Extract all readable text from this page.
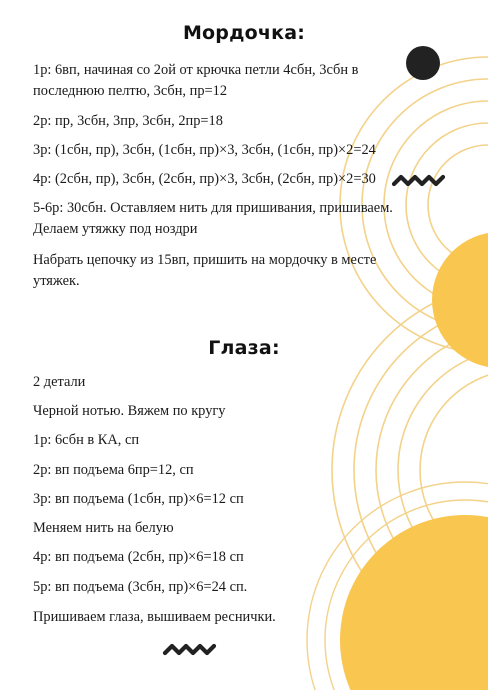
Мордочка:
1р: 6вп, начиная со 2ой от крючка петли 4сбн, 3сбн в
последнюю пелтю, 3сбн, пр=12
2р: пр, 3сбн, 3пр, 3сбн, 2пр=18
3р: (1сбн, пр), 3сбн, (1сбн, пр)×3, 3сбн, (1сбн, пр)×2=24
4р: (2сбн, пр), 3сбн, (2сбн, пр)×3, 3сбн, (2сбн, пр)×2=30
5-6р: 30сбн. Оставляем нить для пришивания, пришиваем.
Делаем утяжку под ноздри
Набрать цепочку из 15вп, пришить на мордочку в месте
утяжек.
Глаза:
2 детали
Черной нотью. Вяжем по кругу
1р: 6сбн в КА, сп
2р: вп подъема 6пр=12, сп
3р: вп подъема (1сбн, пр)×6=12 сп
Меняем нить на белую
4р: вп подъема (2сбн, пр)×6=18 сп
5р: вп подъема (3сбн, пр)×6=24 сп.
Пришиваем глаза, вышиваем реснички.
